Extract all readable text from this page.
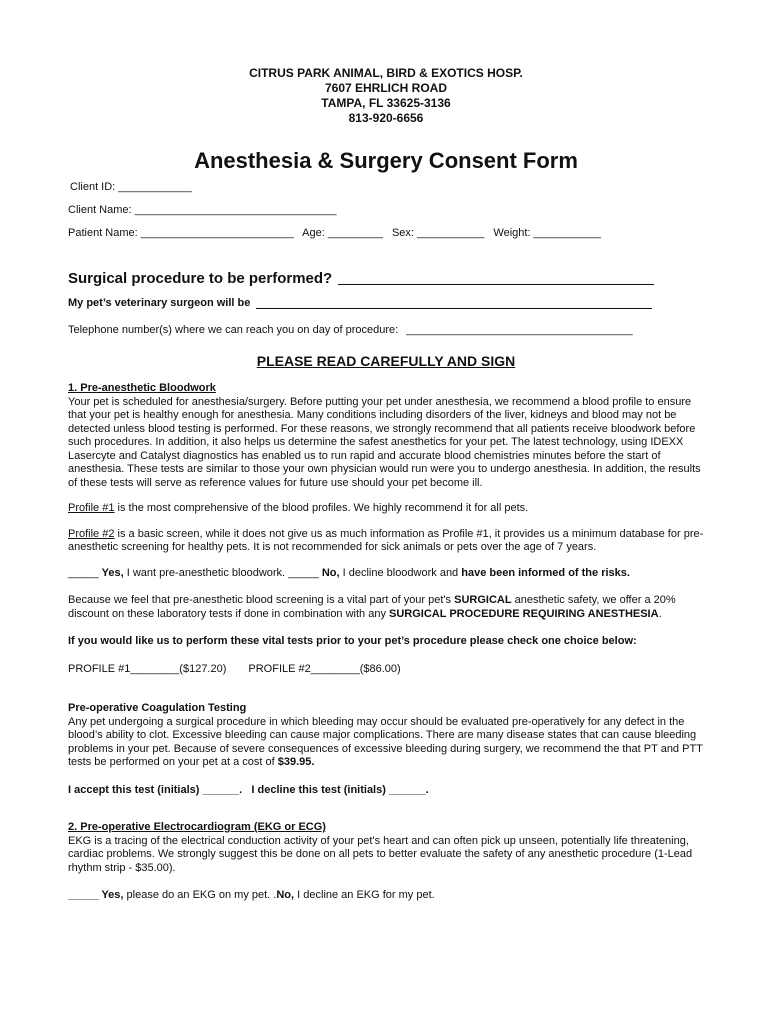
CITRUS PARK ANIMAL, BIRD & EXOTICS HOSP.
7607 EHRLICH ROAD
TAMPA, FL 33625-3136
813-920-6656
Anesthesia & Surgery Consent Form
Client ID: ____________
Client Name: _________________________________
Patient Name: _________________________ Age: _________ Sex: ___________ Weight: ___________
Surgical procedure to be performed?
My pet’s veterinary surgeon will be
Telephone number(s) where we can reach you on day of procedure: _____________________________________
PLEASE READ CAREFULLY AND SIGN
1. Pre-anesthetic Bloodwork

Your pet is scheduled for anesthesia/surgery. Before putting your pet under anesthesia, we recommend a blood profile to ensure that your pet is healthy enough for anesthesia. Many conditions including disorders of the liver, kidneys and blood may not be detected unless blood testing is performed. For these reasons, we strongly recommend that all patients receive bloodwork before such procedures. In addition, it also helps us determine the safest anesthetics for your pet. The latest technology, using IDEXX Lasercyte and Catalyst diagnostics has enabled us to run rapid and accurate blood chemistries minutes before the start of anesthesia. These tests are similar to those your own physician would run were you to undergo anesthesia. In addition, the results of these tests will serve as reference values for future use should your pet become ill.

Profile #1 is the most comprehensive of the blood profiles. We highly recommend it for all pets.

Profile #2 is a basic screen, while it does not give us as much information as Profile #1, it provides us a minimum database for pre-anesthetic screening for healthy pets. It is not recommended for sick animals or pets over the age of 7 years.

_____ Yes, I want pre-anesthetic bloodwork. _____ No, I decline bloodwork and have been informed of the risks.

Because we feel that pre-anesthetic blood screening is a vital part of your pet's SURGICAL anesthetic safety, we offer a 20% discount on these laboratory tests if done in combination with any SURGICAL PROCEDURE REQUIRING ANESTHESIA.

If you would like us to perform these vital tests prior to your pet’s procedure please check one choice below:

PROFILE #1________($127.20) PROFILE #2________($86.00)
Pre-operative Coagulation Testing

Any pet undergoing a surgical procedure in which bleeding may occur should be evaluated pre-operatively for any defect in the blood’s ability to clot. Excessive bleeding can cause major complications. There are many disease states that can cause bleeding problems in your pet. Because of severe consequences of excessive bleeding during surgery, we recommend the that PT and PTT tests be performed on your pet at a cost of $39.95.

I accept this test (initials) ______. I decline this test (initials) ______.

2. Pre-operative Electrocardiogram (EKG or ECG)

EKG is a tracing of the electrical conduction activity of your pet's heart and can often pick up unseen, potentially life threatening, cardiac problems. We strongly suggest this be done on all pets to better evaluate the safety of any anesthetic procedure (1-Lead rhythm strip - $35.00).

_____ Yes, please do an EKG on my pet. .No, I decline an EKG for my pet.
